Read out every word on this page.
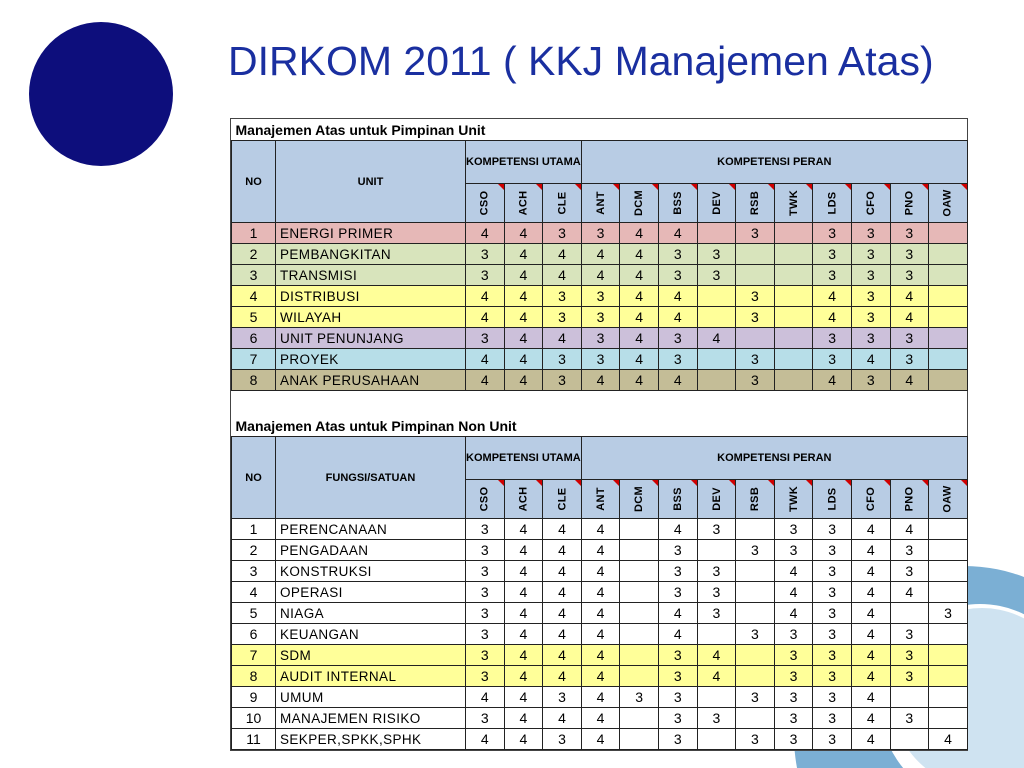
DIRKOM 2011 ( KKJ Manajemen Atas)
Manajemen Atas untuk Pimpinan Unit														
NO	UNIT	KOMPETENSI UTAMA			KOMPETENSI PERAN									
		CSO	ACH	CLE	ANT	DCM	BSS	DEV	RSB	TWK	LDS	CFO	PNO	OAW

1	ENERGI PRIMER	4	4	3	3	4	4		3		3	3	3	
2	PEMBANGKITAN	3	4	4	4	4	3	3			3	3	3	
3	TRANSMISI	3	4	4	4	4	3	3			3	3	3	
4	DISTRIBUSI	4	4	3	3	4	4		3		4	3	4	
5	WILAYAH	4	4	3	3	4	4		3		4	3	4	
6	UNIT PENUNJANG	3	4	4	3	4	3	4			3	3	3	
7	PROYEK	4	4	3	3	4	3		3		3	4	3	
8	ANAK PERUSAHAAN	4	4	3	4	4	4		3		4	3	4	

Manajemen Atas untuk Pimpinan Non Unit														
NO	FUNGSI/SATUAN	KOMPETENSI UTAMA			KOMPETENSI PERAN									
		CSO	ACH	CLE	ANT	DCM	BSS	DEV	RSB	TWK	LDS	CFO	PNO	OAW

1	PERENCANAAN	3	4	4	4		4	3		3	3	4	4	
2	PENGADAAN	3	4	4	4		3		3	3	3	4	3	
3	KONSTRUKSI	3	4	4	4		3	3		4	3	4	3	
4	OPERASI	3	4	4	4		3	3		4	3	4	4	
5	NIAGA	3	4	4	4		4	3		4	3	4		3
6	KEUANGAN	3	4	4	4		4		3	3	3	4	3	
7	SDM	3	4	4	4		3	4		3	3	4	3	
8	AUDIT INTERNAL	3	4	4	4		3	4		3	3	4	3	
9	UMUM	4	4	3	4	3	3		3	3	3	4		
10	MANAJEMEN RISIKO	3	4	4	4		3	3		3	3	4	3	
11	SEKPER,SPKK,SPHK	4	4	3	4		3		3	3	3	4		4
